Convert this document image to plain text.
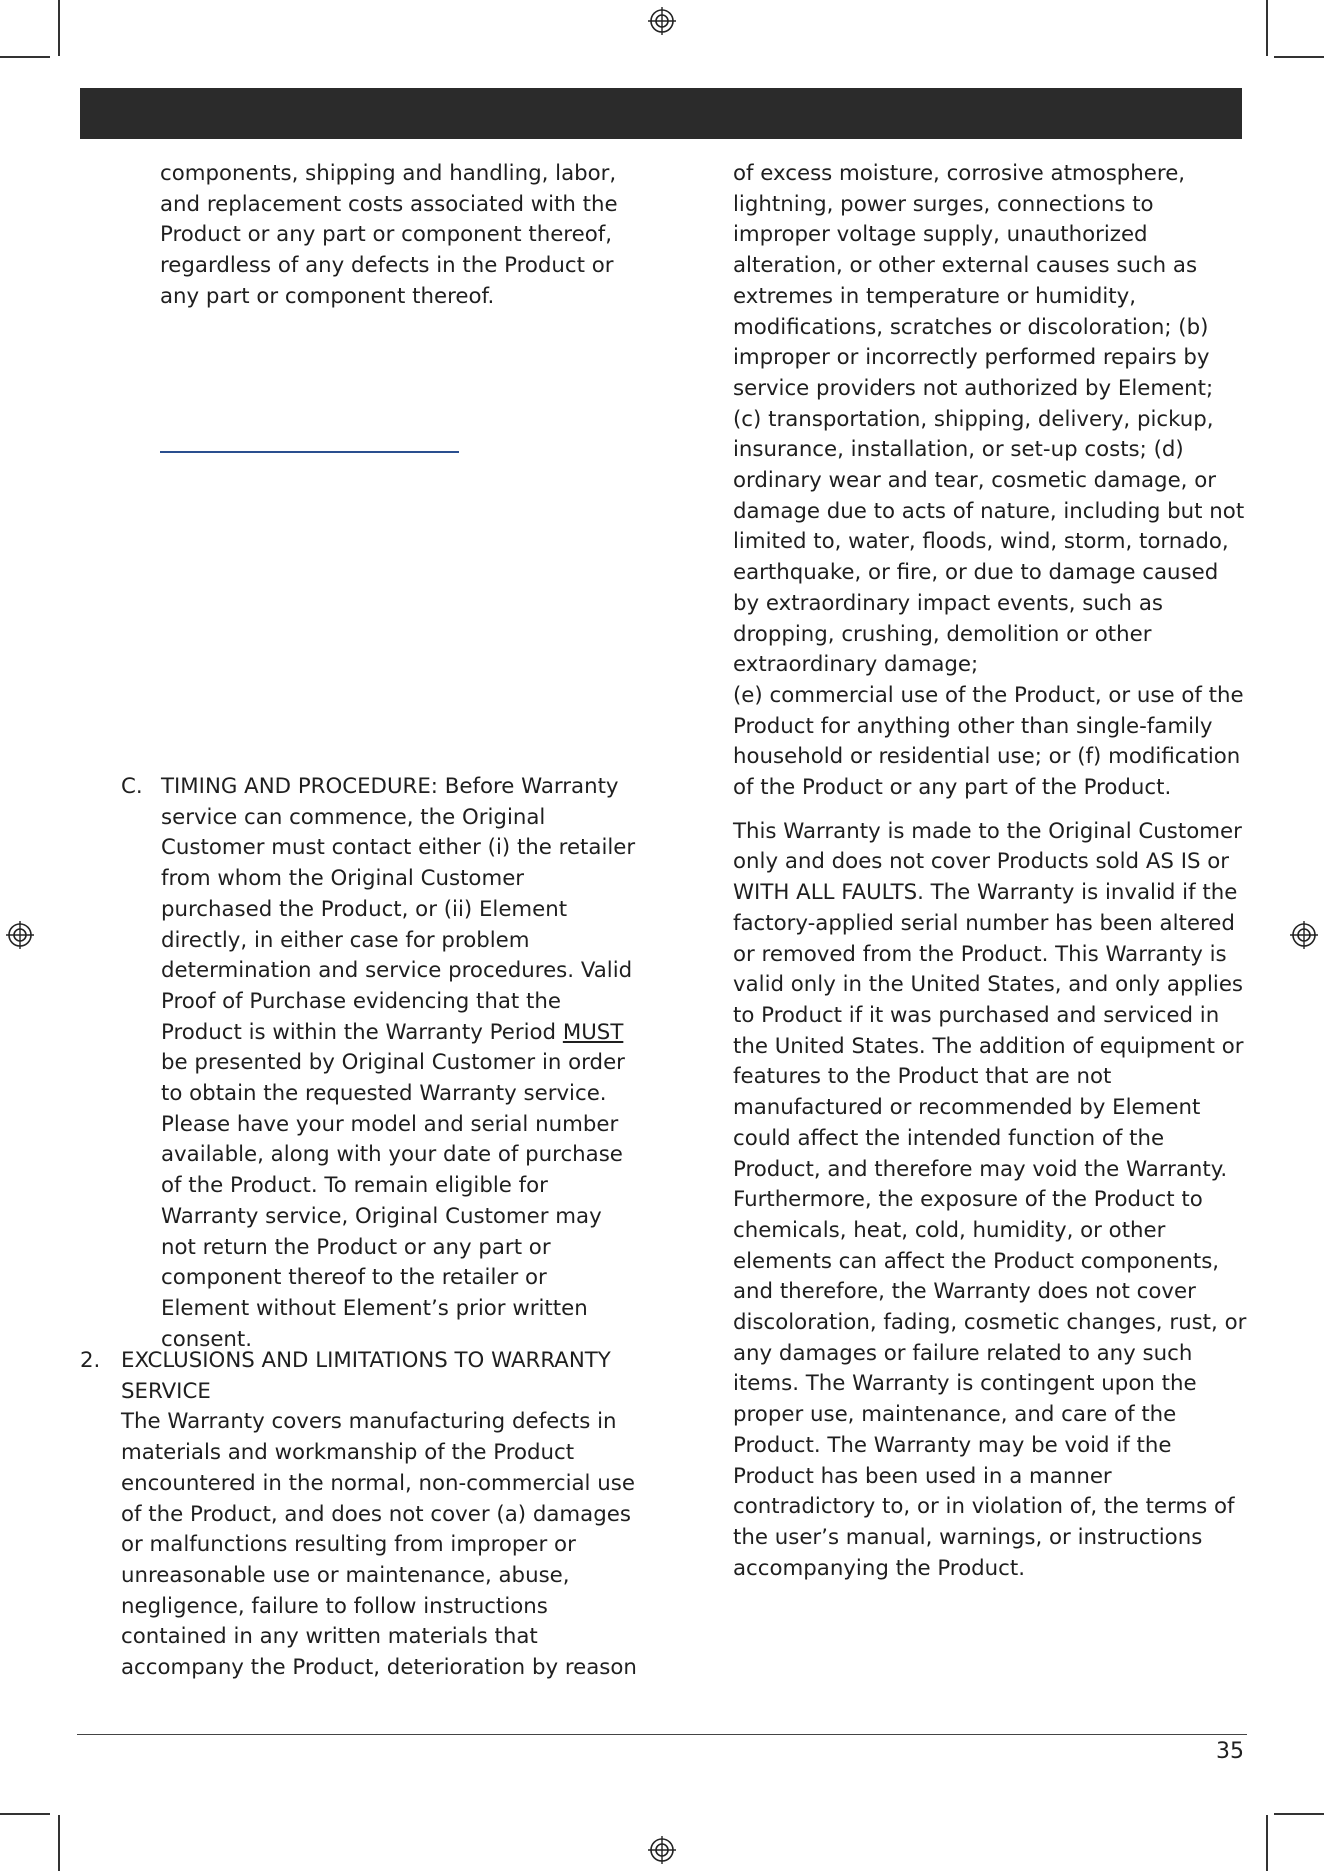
components, shipping and handling, labor, and replacement costs associated with the Product or any part or component thereof, regardless of any defects in the Product or any part or component thereof.

C. TIMING AND PROCEDURE: Before Warranty service can commence, the Original Customer must contact either (i) the retailer from whom the Original Customer purchased the Product, or (ii) Element directly, in either case for problem determination and service procedures. Valid Proof of Purchase evidencing that the Product is within the Warranty Period MUST be presented by Original Customer in order to obtain the requested Warranty service. Please have your model and serial number available, along with your date of purchase of the Product. To remain eligible for Warranty service, Original Customer may not return the Product or any part or component thereof to the retailer or Element without Element’s prior written consent.

2. EXCLUSIONS AND LIMITATIONS TO WARRANTY SERVICE

The Warranty covers manufacturing defects in materials and workmanship of the Product encountered in the normal, non-commercial use of the Product, and does not cover (a) damages or malfunctions resulting from improper or unreasonable use or maintenance, abuse, negligence, failure to follow instructions contained in any written materials that accompany the Product, deterioration by reason

of excess moisture, corrosive atmosphere, lightning, power surges, connections to improper voltage supply, unauthorized alteration, or other external causes such as extremes in temperature or humidity, modifications, scratches or discoloration; (b) improper or incorrectly performed repairs by service providers not authorized by Element; (c) transportation, shipping, delivery, pickup, insurance, installation, or set-up costs; (d) ordinary wear and tear, cosmetic damage, or damage due to acts of nature, including but not limited to, water, floods, wind, storm, tornado, earthquake, or fire, or due to damage caused by extraordinary impact events, such as dropping, crushing, demolition or other extraordinary damage;

(e) commercial use of the Product, or use of the Product for anything other than single-family household or residential use; or (f) modification of the Product or any part of the Product.

This Warranty is made to the Original Customer only and does not cover Products sold AS IS or WITH ALL FAULTS. The Warranty is invalid if the factory-applied serial number has been altered or removed from the Product. This Warranty is valid only in the United States, and only applies to Product if it was purchased and serviced in the United States. The addition of equipment or features to the Product that are not manufactured or recommended by Element could affect the intended function of the Product, and therefore may void the Warranty. Furthermore, the exposure of the Product to chemicals, heat, cold, humidity, or other elements can affect the Product components, and therefore, the Warranty does not cover discoloration, fading, cosmetic changes, rust, or any damages or failure related to any such items. The Warranty is contingent upon the proper use, maintenance, and care of the Product. The Warranty may be void if the Product has been used in a manner contradictory to, or in violation of, the terms of the user’s manual, warnings, or instructions accompanying the Product.

35
